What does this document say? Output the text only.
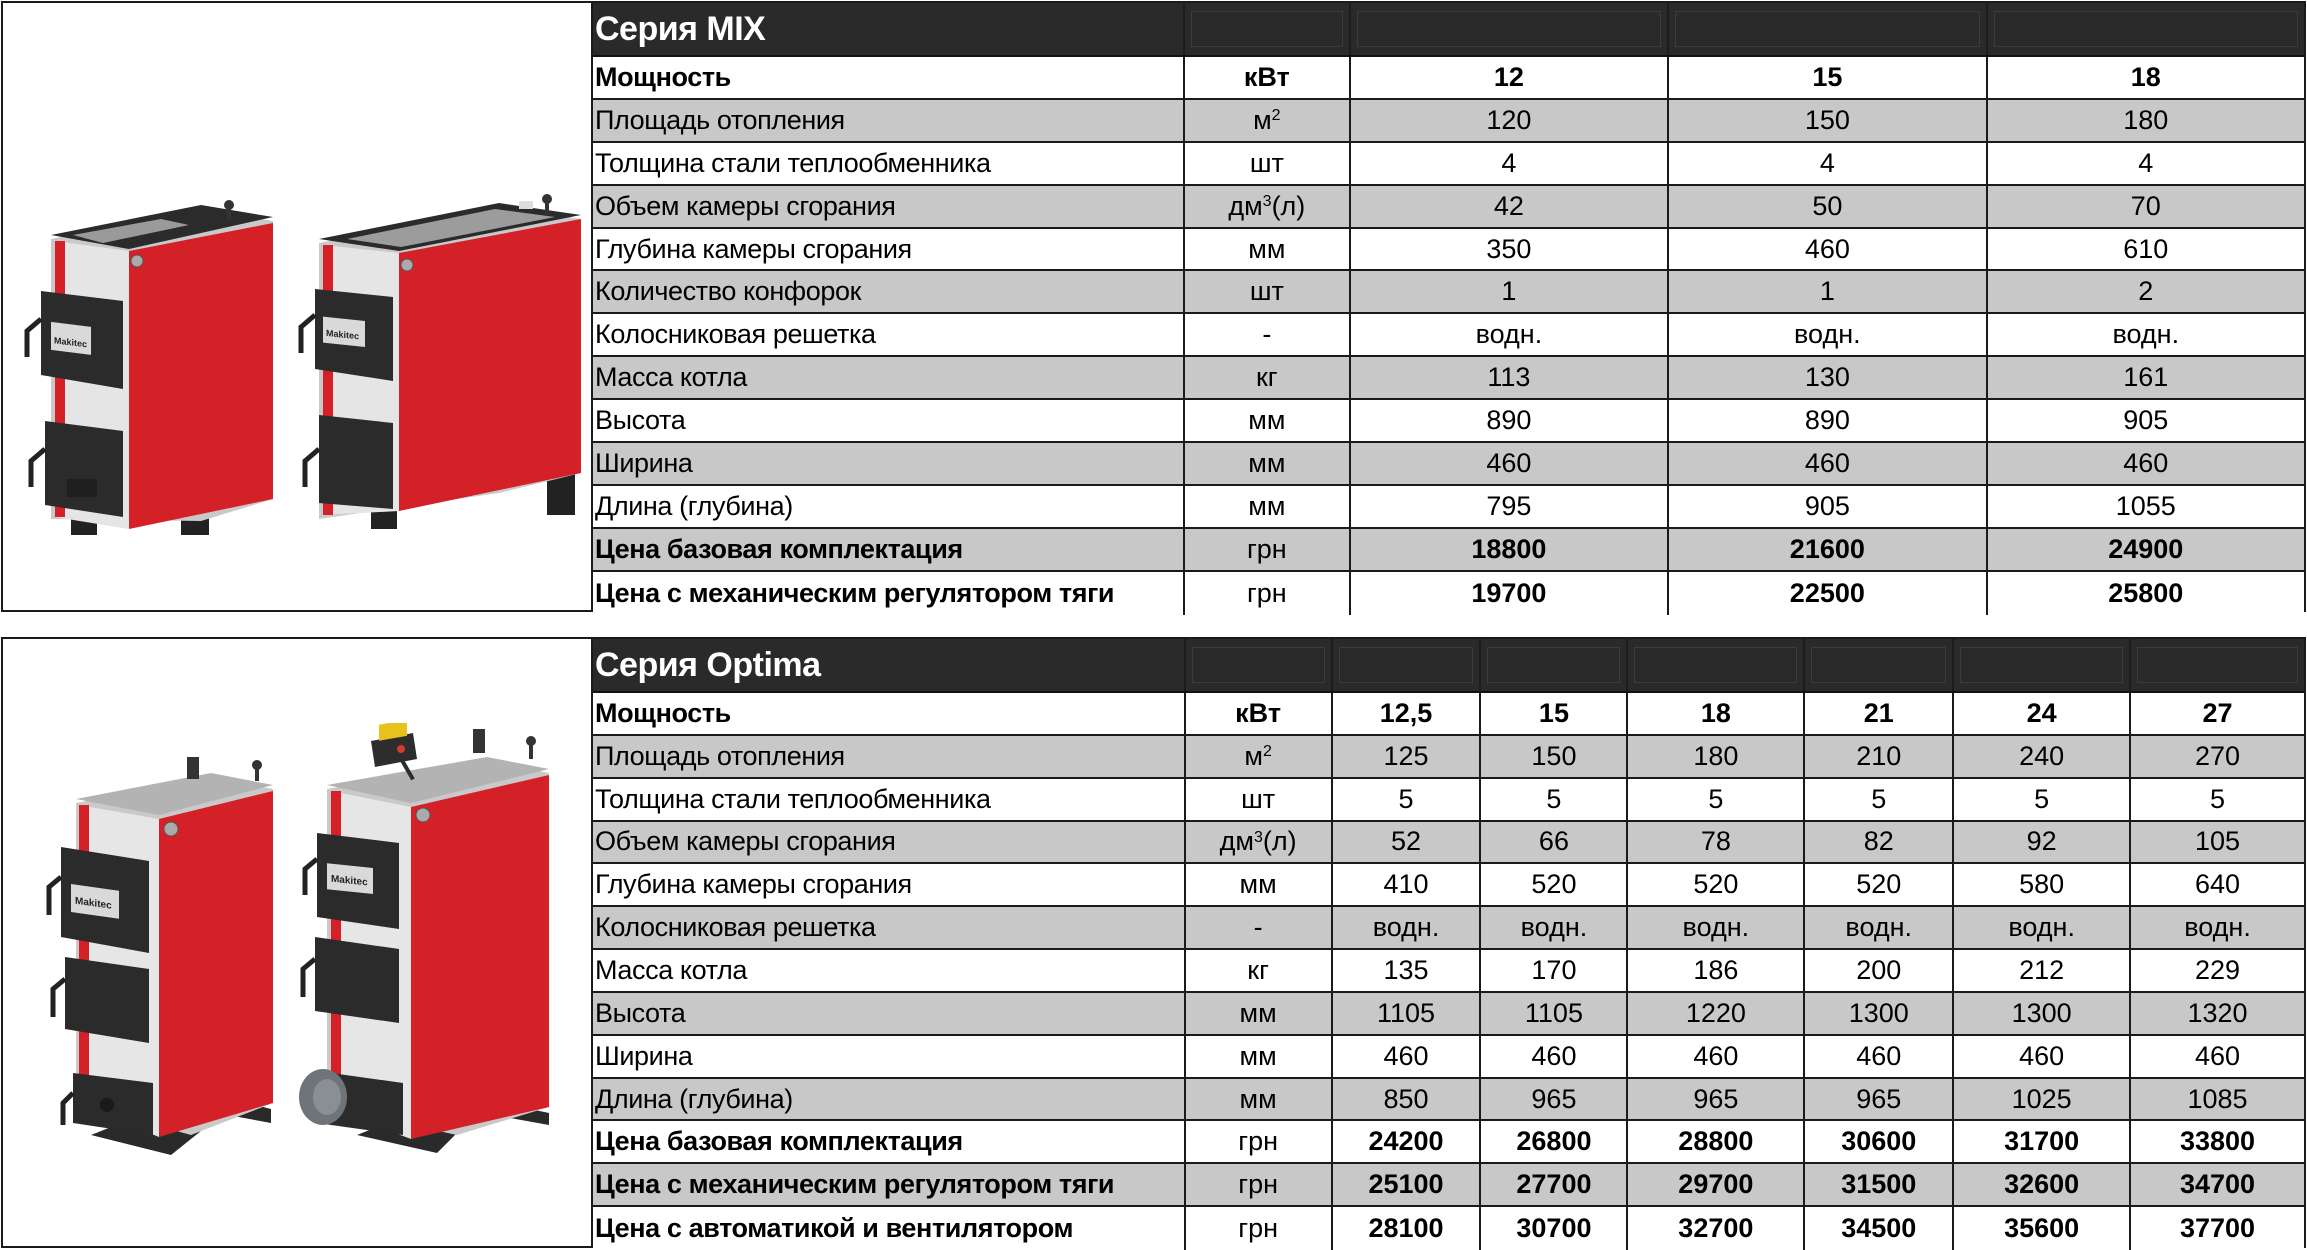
Makitec
Makitec
Серия MIX
Мощность	кВт	12	15	18
Площадь отопления	$м^2$	120	150	180
Толщина стали теплообменника	шт	4	4	4
Объем камеры сгорания	$дм^3$ (л)	42	50	70
Глубина камеры сгорания	мм	350	460	610
Количество конфорок	шт	1	1	2
Колосниковая решетка	-	водн.	водн.	водн.
Масса котла	кг	113	130	161
Высота	мм	890	890	905
Ширина	мм	460	460	460
Длина (глубина)	мм	795	905	1055
Цена базовая комплектация	грн	18800	21600	24900
Цена с механическим регулятором тяги	грн	19700	22500	25800
Makitec
Makitec
Серия Optima
Мощность	кВт	12,5	15	18	21	24	27
Площадь отопления	$м^2$	125	150	180	210	240	270
Толщина стали теплообменника	шт	5	5	5	5	5	5
Объем камеры сгорания	$дм^3$ (л)	52	66	78	82	92	105
Глубина камеры сгорания	мм	410	520	520	520	580	640
Колосниковая решетка	-	водн.	водн.	водн.	водн.	водн.	водн.
Масса котла	кг	135	170	186	200	212	229
Высота	мм	1105	1105	1220	1300	1300	1320
Ширина	мм	460	460	460	460	460	460
Длина (глубина)	мм	850	965	965	965	1025	1085
Цена базовая комплектация	грн	24200	26800	28800	30600	31700	33800
Цена с механическим регулятором тяги	грн	25100	27700	29700	31500	32600	34700
Цена с автоматикой и вентилятором	грн	28100	30700	32700	34500	35600	37700
